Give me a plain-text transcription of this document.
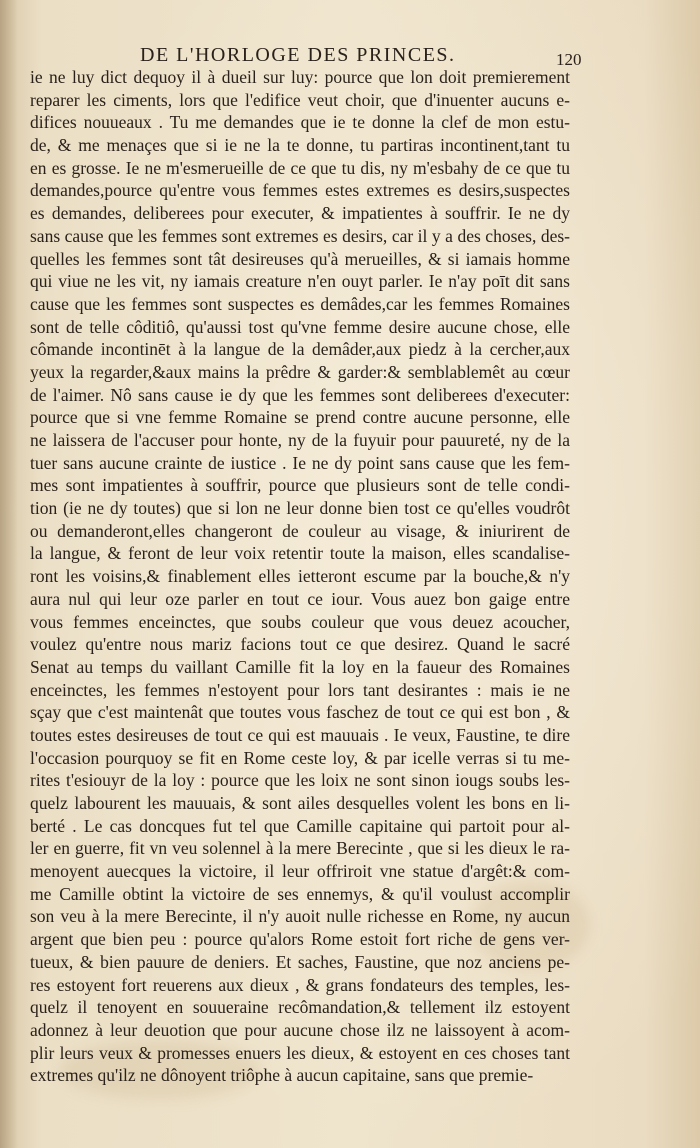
DE L'HORLOGE DES PRINCES.	120
ie ne luy dict dequoy il à dueil sur luy: pource que lon doit premierement
reparer les ciments, lors que l'edifice veut choir, que d'inuenter aucuns e-
difices nouueaux . Tu me demandes que ie te donne la clef de mon estu-
de, & me menaçes que si ie ne la te donne, tu partiras incontinent,tant tu
en es grosse. Ie ne m'esmerueille de ce que tu dis, ny m'esbahy de ce que tu
demandes,pource qu'entre vous femmes estes extremes es desirs,suspectes
es demandes, deliberees pour executer, & impatientes à souffrir. Ie ne dy
sans cause que les femmes sont extremes es desirs, car il y a des choses, des-
quelles les femmes sont tât desireuses qu'à merueilles, & si iamais homme
qui viue ne les vit, ny iamais creature n'en ouyt parler. Ie n'ay poīt dit sans
cause que les femmes sont suspectes es demâdes,car les femmes Romaines
sont de telle côditiô, qu'aussi tost qu'vne femme desire aucune chose, elle
cômande incontinēt à la langue de la demâder,aux piedz à la cercher,aux
yeux la regarder,&aux mains la prêdre & garder:& semblablemêt au cœur
de l'aimer. Nô sans cause ie dy que les femmes sont deliberees d'executer:
pource que si vne femme Romaine se prend contre aucune personne, elle
ne laissera de l'accuser pour honte, ny de la fuyuir pour pauureté, ny de la
tuer sans aucune crainte de iustice . Ie ne dy point sans cause que les fem-
mes sont impatientes à souffrir, pource que plusieurs sont de telle condi-
tion (ie ne dy toutes) que si lon ne leur donne bien tost ce qu'elles voudrôt
ou demanderont,elles changeront de couleur au visage, & iniurirent de
la langue, & feront de leur voix retentir toute la maison, elles scandalise-
ront les voisins,& finablement elles ietteront escume par la bouche,& n'y
aura nul qui leur oze parler en tout ce iour. Vous auez bon gaige entre
vous femmes enceinctes, que soubs couleur que vous deuez acoucher,
voulez qu'entre nous mariz facions tout ce que desirez. Quand le sacré
Senat au temps du vaillant Camille fit la loy en la faueur des Romaines
enceinctes, les femmes n'estoyent pour lors tant desirantes : mais ie ne
sçay que c'est maintenât que toutes vous faschez de tout ce qui est bon , &
toutes estes desireuses de tout ce qui est mauuais . Ie veux, Faustine, te dire
l'occasion pourquoy se fit en Rome ceste loy, & par icelle verras si tu me-
rites t'esiouyr de la loy : pource que les loix ne sont sinon iougs soubs les-
quelz labourent les mauuais, & sont ailes desquelles volent les bons en li-
berté . Le cas doncques fut tel que Camille capitaine qui partoit pour al-
ler en guerre, fit vn veu solennel à la mere Berecinte , que si les dieux le ra-
menoyent auecques la victoire, il leur offriroit vne statue d'argêt:& com-
me Camille obtint la victoire de ses ennemys, & qu'il voulust accomplir
son veu à la mere Berecinte, il n'y auoit nulle richesse en Rome, ny aucun
argent que bien peu : pource qu'alors Rome estoit fort riche de gens ver-
tueux, & bien pauure de deniers. Et saches, Faustine, que noz anciens pe-
res estoyent fort reuerens aux dieux , & grans fondateurs des temples, les-
quelz il tenoyent en souueraine recômandation,& tellement ilz estoyent
adonnez à leur deuotion que pour aucune chose ilz ne laissoyent à acom-
plir leurs veux & promesses enuers les dieux, & estoyent en ces choses tant
extremes qu'ilz ne dônoyent triôphe à aucun capitaine, sans que premie-
